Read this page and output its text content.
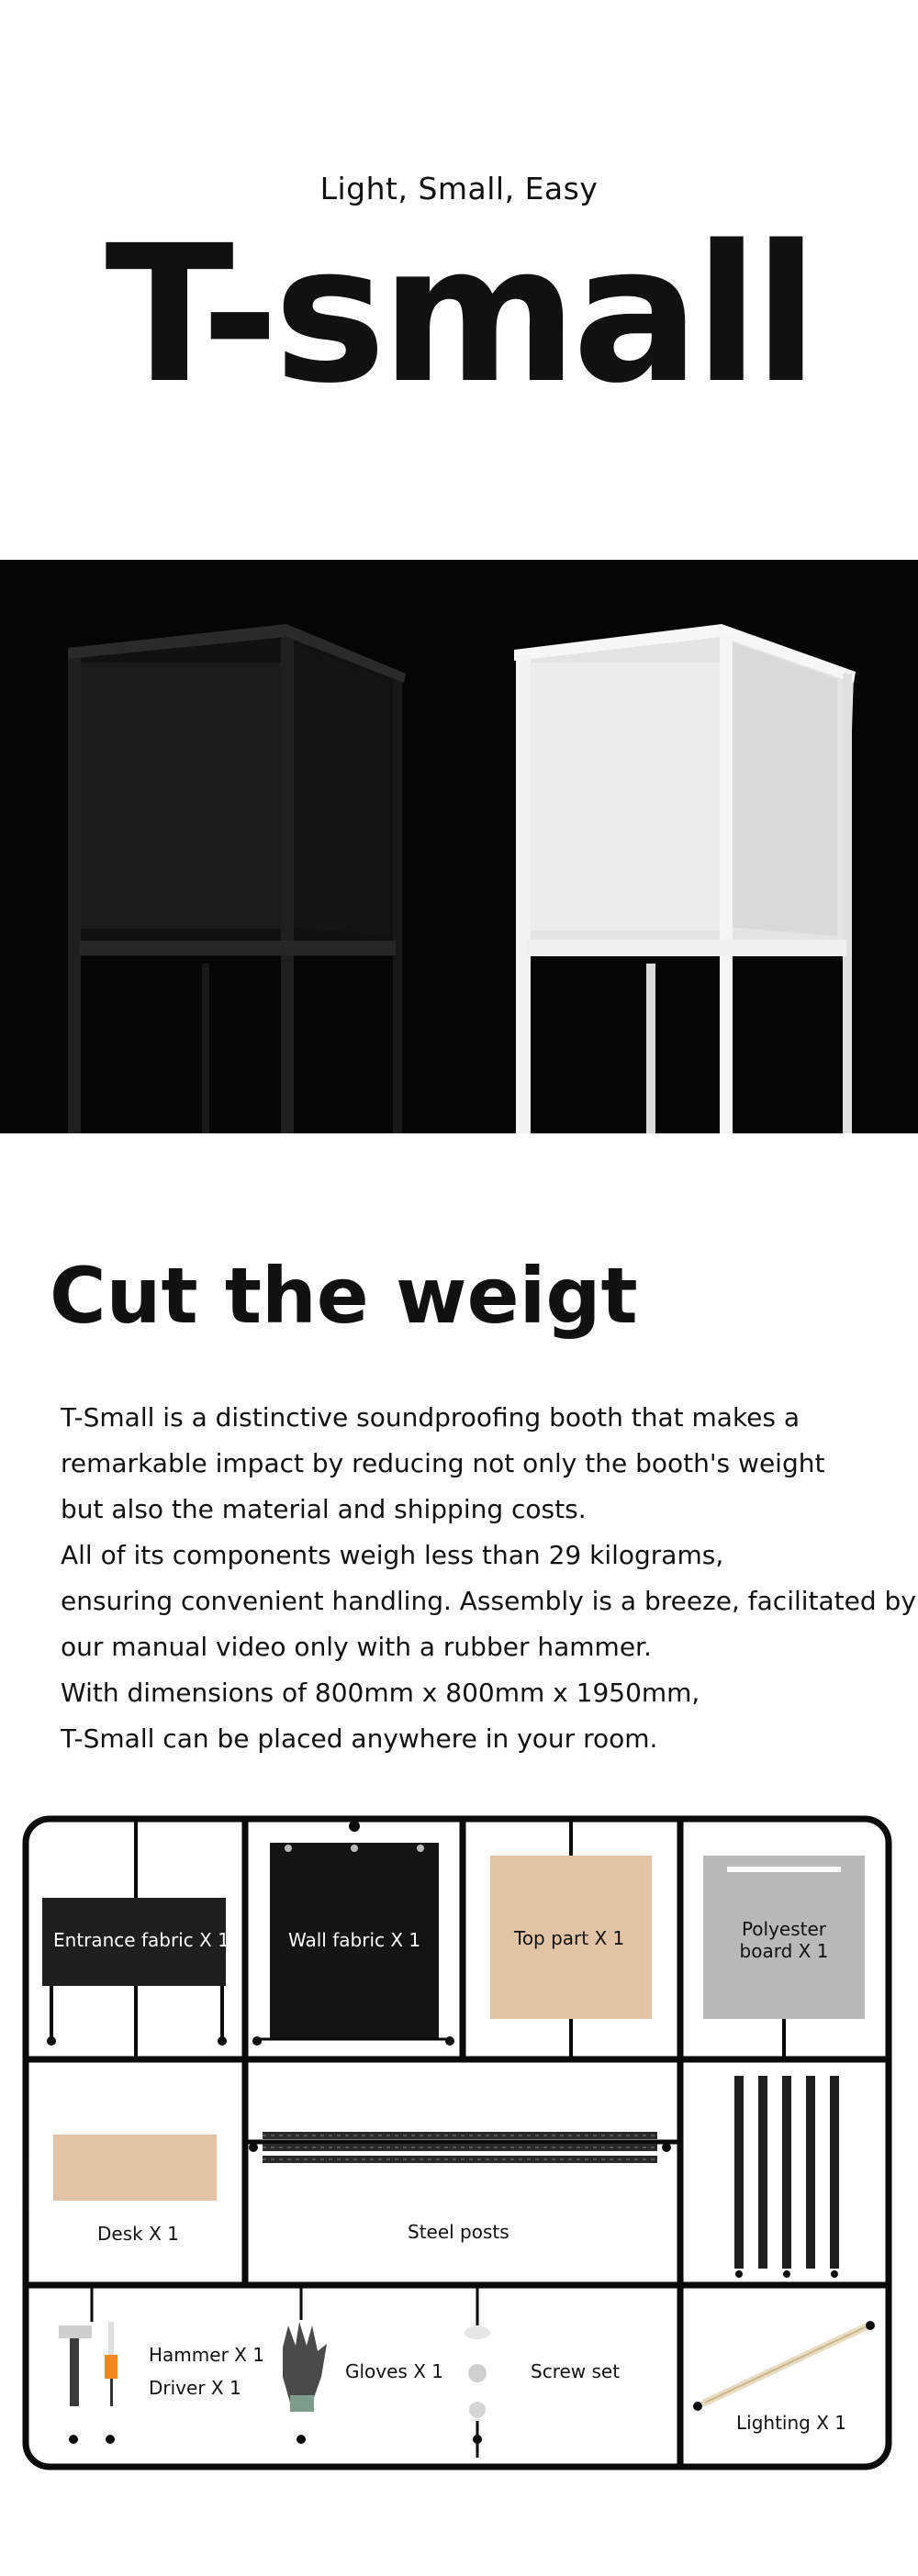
Light, Small, Easy
T-small
Cut the weigt

T-Small is a distinctive soundproofing booth that makes a

remarkable impact by reducing not only the booth's weight

but also the material and shipping costs.

All of its components weigh less than 29 kilograms,

ensuring convenient handling. Assembly is a breeze, facilitated by

our manual video only with a rubber hammer.

With dimensions of 800mm x 800mm x 1950mm,

T-Small can be placed anywhere in your room.

Entrance fabric X 1	Wall fabric X 1	Top part X 1	Polyester
board X 1
Desk X 1	Steel posts
Hammer X 1
Driver X 1
Gloves X 1	Screw set
Lighting X 1
